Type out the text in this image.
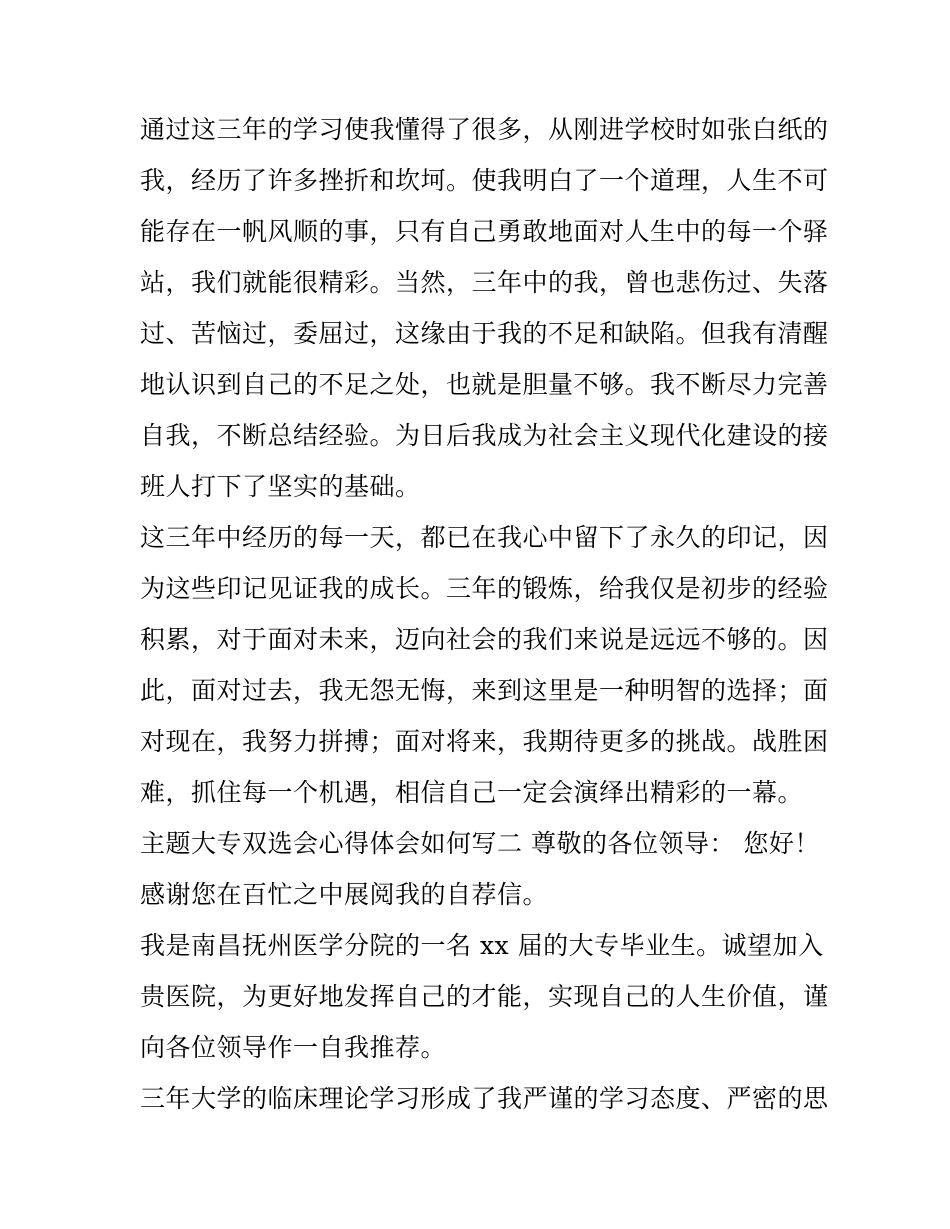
通过这三年的学习使我懂得了很多，从刚进学校时如张白纸的
我，经历了许多挫折和坎坷。使我明白了一个道理，人生不可
能存在一帆风顺的事，只有自己勇敢地面对人生中的每一个驿
站，我们就能很精彩。当然，三年中的我，曾也悲伤过、失落
过、苦恼过，委屈过，这缘由于我的不足和缺陷。但我有清醒
地认识到自己的不足之处，也就是胆量不够。我不断尽力完善
自我，不断总结经验。为日后我成为社会主义现代化建设的接
班人打下了坚实的基础。
这三年中经历的每一天，都已在我心中留下了永久的印记，因
为这些印记见证我的成长。三年的锻炼，给我仅是初步的经验
积累，对于面对未来，迈向社会的我们来说是远远不够的。因
此，面对过去，我无怨无悔，来到这里是一种明智的选择；面
对现在，我努力拼搏；面对将来，我期待更多的挑战。战胜困
难，抓住每一个机遇，相信自己一定会演绎出精彩的一幕。
主题大专双选会心得体会如何写二 尊敬的各位领导： 您好！
感谢您在百忙之中展阅我的自荐信。
我是南昌抚州医学分院的一名 xx 届的大专毕业生。诚望加入
贵医院，为更好地发挥自己的才能，实现自己的人生价值，谨
向各位领导作一自我推荐。
三年大学的临床理论学习形成了我严谨的学习态度、严密的思
